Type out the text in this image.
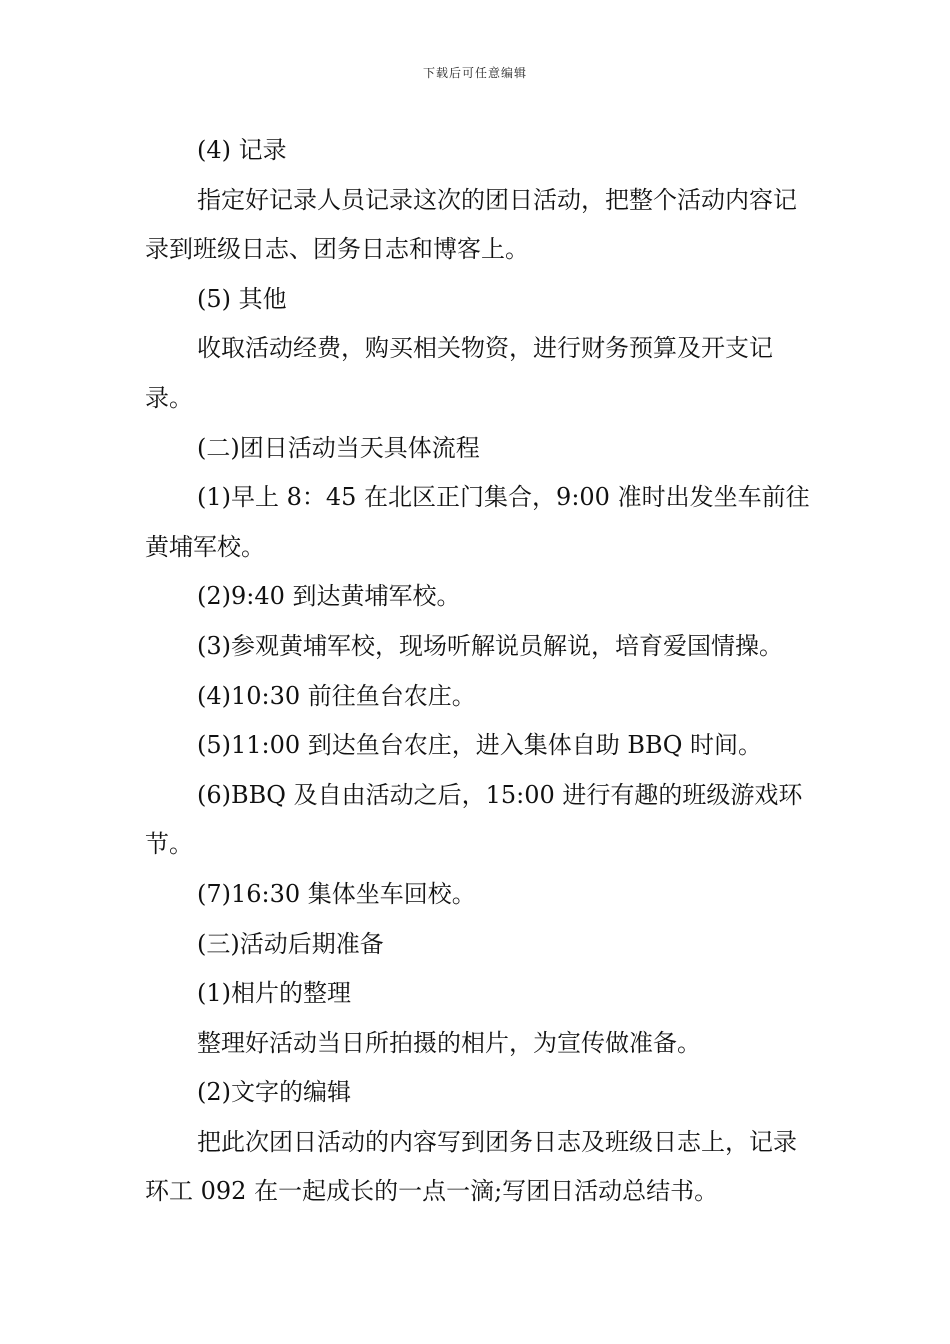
下载后可任意编辑

(4) 记录

指定好记录人员记录这次的团日活动，把整个活动内容记录到班级日志、团务日志和博客上。

(5) 其他

收取活动经费，购买相关物资，进行财务预算及开支记录。

(二)团日活动当天具体流程

(1)早上 8：45 在北区正门集合，9:00 准时出发坐车前往黄埔军校。

(2)9:40 到达黄埔军校。

(3)参观黄埔军校，现场听解说员解说，培育爱国情操。

(4)10:30 前往鱼台农庄。

(5)11:00 到达鱼台农庄，进入集体自助 BBQ 时间。

(6)BBQ 及自由活动之后，15:00 进行有趣的班级游戏环节。

(7)16:30 集体坐车回校。

(三)活动后期准备

(1)相片的整理

整理好活动当日所拍摄的相片，为宣传做准备。

(2)文字的编辑

把此次团日活动的内容写到团务日志及班级日志上，记录环工 092 在一起成长的一点一滴;写团日活动总结书。
